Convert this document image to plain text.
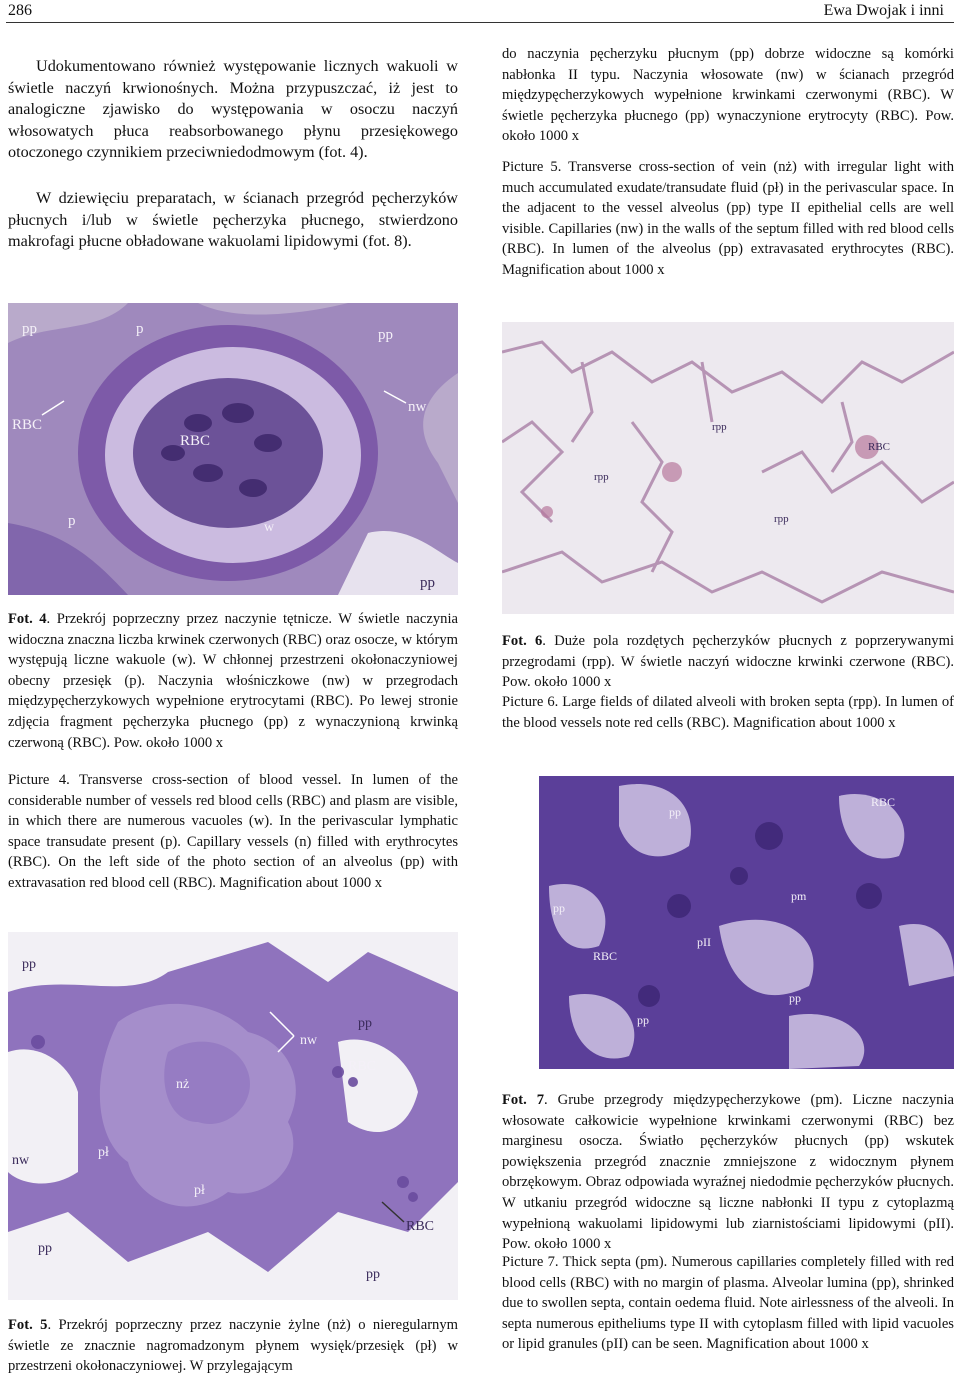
286	Ewa Dwojak i inni

Udokumentowano również występowanie licznych wakuoli w świetle naczyń krwionośnych. Można przypuszczać, iż jest to analogiczne zjawisko do występowania w osoczu naczyń włosowatych płuca reabsorbowanego płynu przesiękowego otoczonego czynnikiem przeciwniedodmowym (fot. 4).

W dziewięciu preparatach, w ścianach przegród pęcherzyków płucnych i/lub w świetle pęcherzyka płucnego, stwierdzono makrofagi płucne obładowane wakuolami lipidowymi (fot. 8).

do naczynia pęcherzyku płucnym (pp) dobrze widoczne są komórki nabłonka II typu. Naczynia włosowate (nw) w ścianach przegród międzypęcherzykowych wypełnione krwinkami czerwonymi (RBC). W świetle pęcherzyka płucnego (pp) wynaczynione erytrocyty (RBC). Pow. około 1000 x

Picture 5. Transverse cross-section of vein (nż) with irregular light with much accumulated exudate/transudate fluid (pł) in the perivascular space. In the adjacent to the vessel alveolus (pp) type II epithelial cells are well visible. Capillaries (nw) in the walls of the septum filled with red blood cells (RBC). In lumen of the alveolus (pp) extravasated erythrocytes (RBC). Magnification about 1000 x

pp	p	pp
nw
RBC
RBC
p	w
pp

Fot. 4. Przekrój poprzeczny przez naczynie tętnicze. W świetle naczynia widoczna znaczna liczba krwinek czerwonych (RBC) oraz osocze, w którym występują liczne wakuole (w). W chłonnej przestrzeni okołonaczyniowej obecny przesięk (p). Naczynia włośniczkowe (nw) w przegrodach międzypęcherzykowych wypełnione erytrocytami (RBC). Po lewej stronie zdjęcia fragment pęcherzyka płucnego (pp) z wynaczynioną krwinką czerwoną (RBC). Pow. około 1000 x

Picture 4. Transverse cross-section of blood vessel. In lumen of the considerable number of vessels red blood cells (RBC) and plasm are visible, in which there are numerous vacuoles (w). In the perivascular lymphatic space transudate present (p). Capillary vessels (n) filled with erythrocytes (RBC). On the left side of the photo section of an alveolus (pp) with extravasation red blood cell (RBC). Magnification about 1000 x

rpp
RBC
rpp
rpp

Fot. 6. Duże pola rozdętych pęcherzyków płucnych z poprzerywanymi przegrodami (rpp). W świetle naczyń widoczne krwinki czerwone (RBC). Pow. około 1000 x

Picture 6. Large fields of dilated alveoli with broken septa (rpp). In lumen of the blood vessels note red cells (RBC). Magnification about 1000 x

pp
RBC
pp
pm
pII
RBC
pp
pp
pp
pp
nw
nż
RBC
nw
pł
pł
RBC
pp
pp

Fot. 5. Przekrój poprzeczny przez naczynie żylne (nż) o nieregularnym świetle ze znacznie nagromadzonym płynem wysięk/przesięk (pł) w przestrzeni okołonaczyniowej. W przylegającym

Fot. 7. Grube przegrody międzypęcherzykowe (pm). Liczne naczynia włosowate całkowicie wypełnione krwinkami czerwonymi (RBC) bez marginesu osocza. Światło pęcherzyków płucnych (pp) wskutek powiększenia przegród znacznie zmniejszone z widocznym płynem obrzękowym. Obraz odpowiada wyraźnej niedodmie pęcherzyków płucnych. W utkaniu przegród widoczne są liczne nabłonki II typu z cytoplazmą wypełnioną wakuolami lipidowymi lub ziarnistościami lipidowymi (pII). Pow. około 1000 x

Picture 7. Thick septa (pm). Numerous capillaries completely filled with red blood cells (RBC) with no margin of plasma. Alveolar lumina (pp), shrinked due to swollen septa, contain oedema fluid. Note airlessness of the alveoli. In septa numerous epitheliums type II with cytoplasm filled with lipid vacuoles or lipid granules (pII) can be seen. Magnification about 1000 x
